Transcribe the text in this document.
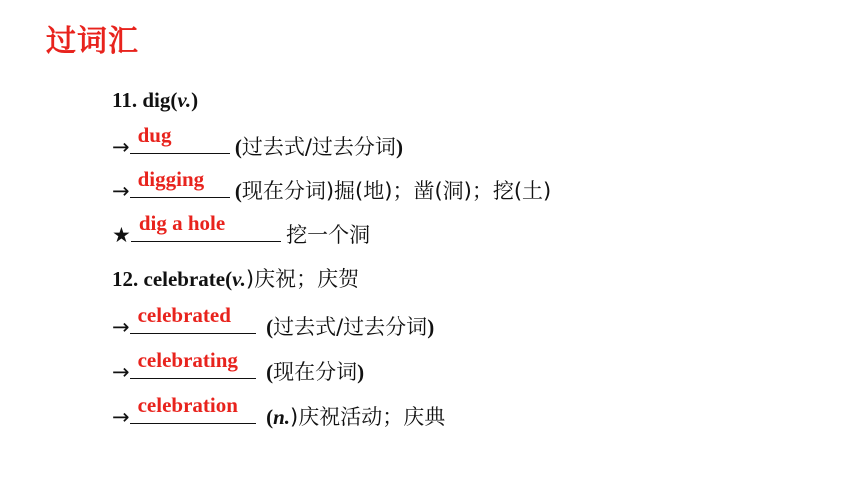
过词汇
11. dig(v.)
→ dug	(过去式/过去分词)
→ digging (现在分词)掘(地)；凿(洞)；挖(土)
★ dig a hole	挖一个洞
12. celebrate(v.)庆祝；庆贺
→ celebrated (过去式/过去分词)
→ celebrating (现在分词)
→ celebration (n.)庆祝活动；庆典
